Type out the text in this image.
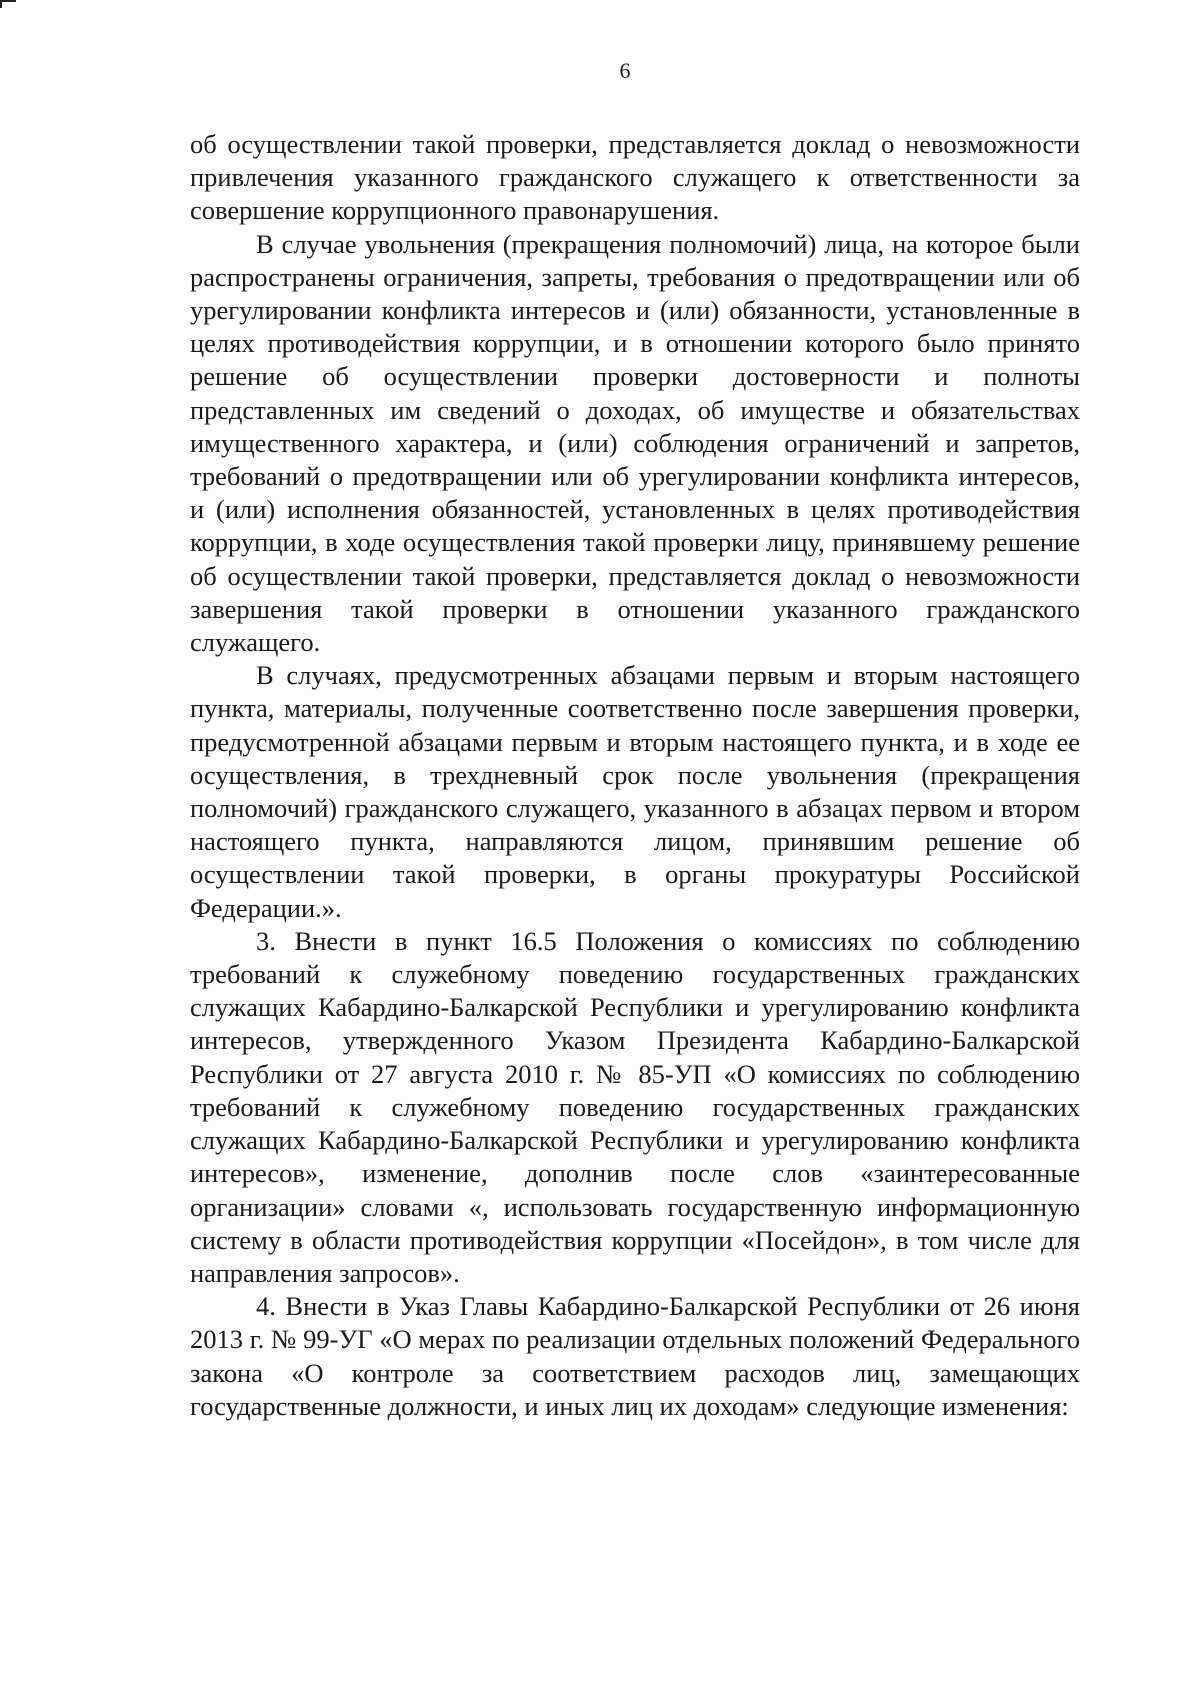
6

об осуществлении такой проверки, представляется доклад о невозможности привлечения указанного гражданского служащего к ответственности за совершение коррупционного правонарушения.

В случае увольнения (прекращения полномочий) лица, на которое были распространены ограничения, запреты, требования о предотвращении или об урегулировании конфликта интересов и (или) обязанности, установленные в целях противодействия коррупции, и в отношении которого было принято решение об осуществлении проверки достоверности и полноты представленных им сведений о доходах, об имуществе и обязательствах имущественного характера, и (или) соблюдения ограничений и запретов, требований о предотвращении или об урегулировании конфликта интересов, и (или) исполнения обязанностей, установленных в целях противодействия коррупции, в ходе осуществления такой проверки лицу, принявшему решение об осуществлении такой проверки, представляется доклад о невозможности завершения такой проверки в отношении указанного гражданского служащего.

В случаях, предусмотренных абзацами первым и вторым настоящего пункта, материалы, полученные соответственно после завершения проверки, предусмотренной абзацами первым и вторым настоящего пункта, и в ходе ее осуществления, в трехдневный срок после увольнения (прекращения полномочий) гражданского служащего, указанного в абзацах первом и втором настоящего пункта, направляются лицом, принявшим решение об осуществлении такой проверки, в органы прокуратуры Российской Федерации.».

3. Внести в пункт 16.5 Положения о комиссиях по соблюдению требований к служебному поведению государственных гражданских служащих Кабардино-Балкарской Республики и урегулированию конфликта интересов, утвержденного Указом Президента Кабардино-Балкарской Республики от 27 августа 2010 г. № 85-УП «О комиссиях по соблюдению требований к служебному поведению государственных гражданских служащих Кабардино-Балкарской Республики и урегулированию конфликта интересов», изменение, дополнив после слов «заинтересованные организации» словами «, использовать государственную информационную систему в области противодействия коррупции «Посейдон», в том числе для направления запросов».

4. Внести в Указ Главы Кабардино-Балкарской Республики от 26 июня 2013 г. № 99-УГ «О мерах по реализации отдельных положений Федерального закона «О контроле за соответствием расходов лиц, замещающих государственные должности, и иных лиц их доходам» следующие изменения:
